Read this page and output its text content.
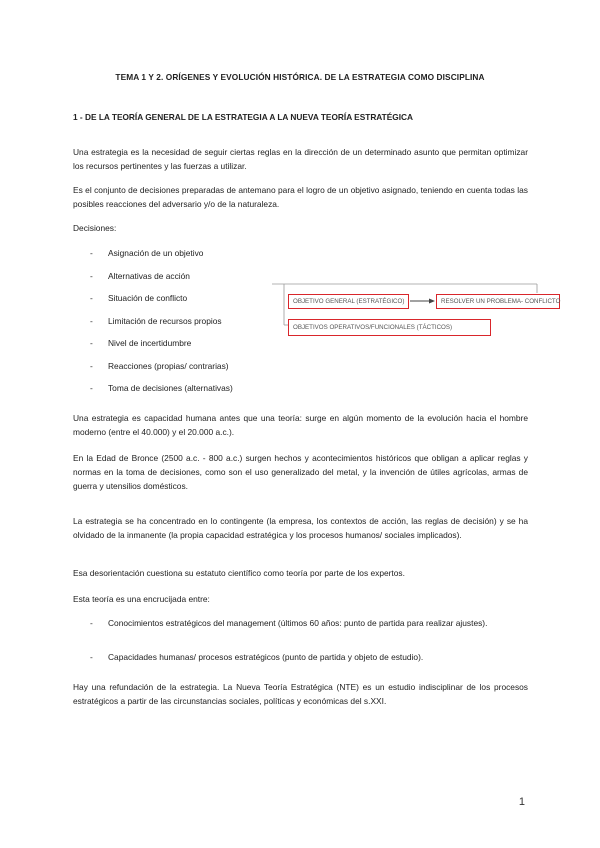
TEMA 1 Y 2. ORÍGENES Y EVOLUCIÓN HISTÓRICA. DE LA ESTRATEGIA COMO DISCIPLINA
1 - DE LA TEORÍA GENERAL DE LA ESTRATEGIA A LA NUEVA TEORÍA ESTRATÉGICA

Una estrategia es la necesidad de seguir ciertas reglas en la dirección de un determinado asunto que permitan optimizar los recursos pertinentes y las fuerzas a utilizar.

Es el conjunto de decisiones preparadas de antemano para el logro de un objetivo asignado, teniendo en cuenta todas las posibles reacciones del adversario y/o de la naturaleza.

Decisiones:
- Asignación de un objetivo
- Alternativas de acción
- Situación de conflicto
- Limitación de recursos propios
- Nivel de incertidumbre
- Reacciones (propias/ contrarias)
- Toma de decisiones (alternativas)
OBJETIVO GENERAL (ESTRATÉGICO)	RESOLVER UN PROBLEMA- CONFLICTO
OBJETIVOS OPERATIVOS/FUNCIONALES (TÁCTICOS)

Una estrategia es capacidad humana antes que una teoría: surge en algún momento de la evolución hacia el hombre moderno (entre el 40.000) y el 20.000 a.c.).

En la Edad de Bronce (2500 a.c. - 800 a.c.) surgen hechos y acontecimientos históricos que obligan a aplicar reglas y normas en la toma de decisiones, como son el uso generalizado del metal, y la invención de útiles agrícolas, armas de guerra y utensilios domésticos.

La estrategia se ha concentrado en lo contingente (la empresa, los contextos de acción, las reglas de decisión) y se ha olvidado de la inmanente (la propia capacidad estratégica y los procesos humanos/ sociales implicados).

Esa desorientación cuestiona su estatuto científico como teoría por parte de los expertos.

Esta teoría es una encrucijada entre:

- Conocimientos estratégicos del management (últimos 60 años: punto de partida para realizar ajustes).
- Capacidades humanas/ procesos estratégicos (punto de partida y objeto de estudio).

Hay una refundación de la estrategia. La Nueva Teoría Estratégica (NTE) es un estudio indisciplinar de los procesos estratégicos a partir de las circunstancias sociales, políticas y económicas del s.XXI.

1
